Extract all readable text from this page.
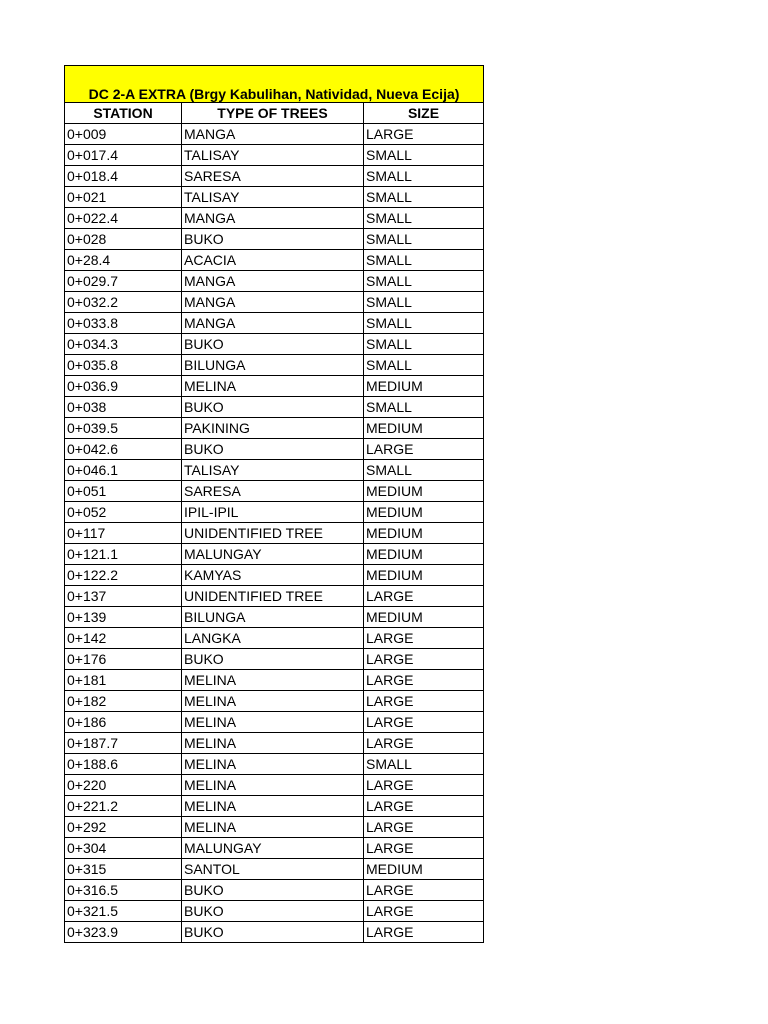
DC 2-A EXTRA (Brgy Kabulihan, Natividad, Nueva Ecija)		
STATION	TYPE OF TREES	SIZE
0+009	MANGA	LARGE
0+017.4	TALISAY	SMALL
0+018.4	SARESA	SMALL
0+021	TALISAY	SMALL
0+022.4	MANGA	SMALL
0+028	BUKO	SMALL
0+28.4	ACACIA	SMALL
0+029.7	MANGA	SMALL
0+032.2	MANGA	SMALL
0+033.8	MANGA	SMALL
0+034.3	BUKO	SMALL
0+035.8	BILUNGA	SMALL
0+036.9	MELINA	MEDIUM
0+038	BUKO	SMALL
0+039.5	PAKINING	MEDIUM
0+042.6	BUKO	LARGE
0+046.1	TALISAY	SMALL
0+051	SARESA	MEDIUM
0+052	IPIL-IPIL	MEDIUM
0+117	UNIDENTIFIED TREE	MEDIUM
0+121.1	MALUNGAY	MEDIUM
0+122.2	KAMYAS	MEDIUM
0+137	UNIDENTIFIED TREE	LARGE
0+139	BILUNGA	MEDIUM
0+142	LANGKA	LARGE
0+176	BUKO	LARGE
0+181	MELINA	LARGE
0+182	MELINA	LARGE
0+186	MELINA	LARGE
0+187.7	MELINA	LARGE
0+188.6	MELINA	SMALL
0+220	MELINA	LARGE
0+221.2	MELINA	LARGE
0+292	MELINA	LARGE
0+304	MALUNGAY	LARGE
0+315	SANTOL	MEDIUM
0+316.5	BUKO	LARGE
0+321.5	BUKO	LARGE
0+323.9	BUKO	LARGE
